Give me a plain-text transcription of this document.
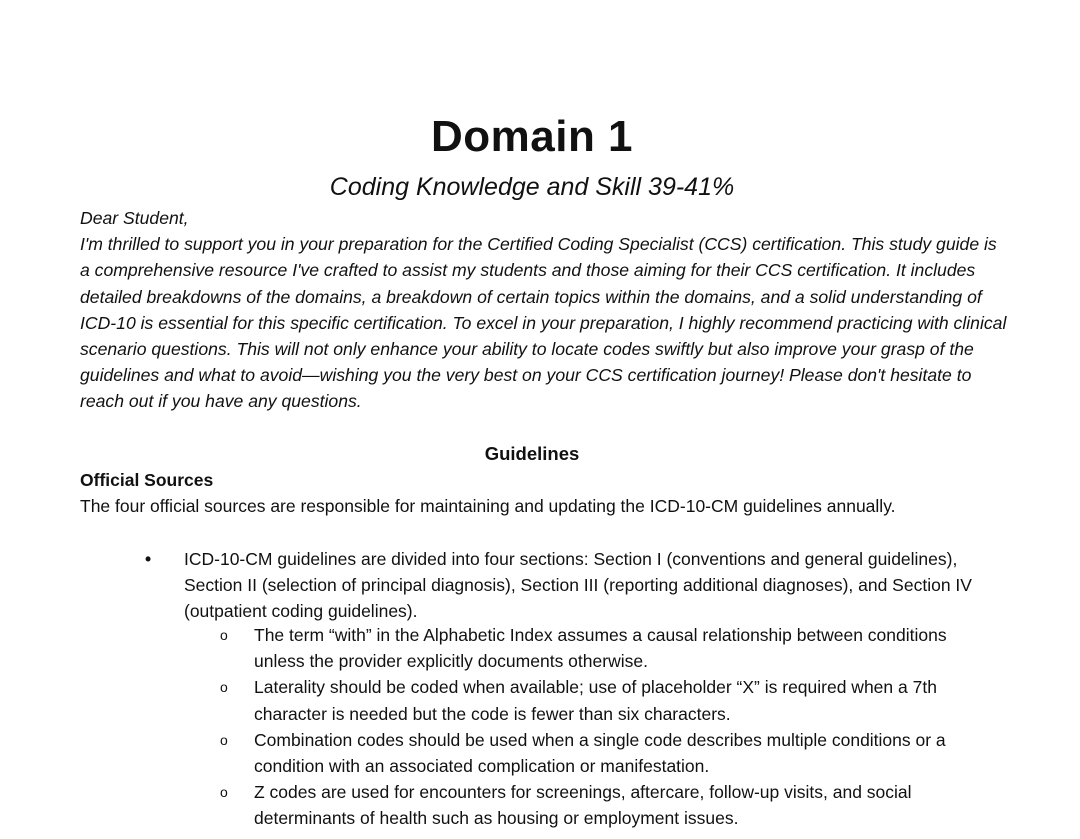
Domain 1
Coding Knowledge and Skill 39-41%

Dear Student,

I'm thrilled to support you in your preparation for the Certified Coding Specialist (CCS) certification. This study guide is a comprehensive resource I've crafted to assist my students and those aiming for their CCS certification. It includes detailed breakdowns of the domains, a breakdown of certain topics within the domains, and a solid understanding of ICD-10 is essential for this specific certification. To excel in your preparation, I highly recommend practicing with clinical scenario questions. This will not only enhance your ability to locate codes swiftly but also improve your grasp of the guidelines and what to avoid—wishing you the very best on your CCS certification journey! Please don't hesitate to reach out if you have any questions.

Guidelines
Official Sources
The four official sources are responsible for maintaining and updating the ICD-10-CM guidelines annually.
•	ICD-10-CM guidelines are divided into four sections: Section I (conventions and general guidelines), Section II (selection of principal diagnosis), Section III (reporting additional diagnoses), and Section IV (outpatient coding guidelines).
o	The term “with” in the Alphabetic Index assumes a causal relationship between conditions unless the provider explicitly documents otherwise.
o	Laterality should be coded when available; use of placeholder “X” is required when a 7th character is needed but the code is fewer than six characters.
o	Combination codes should be used when a single code describes multiple conditions or a condition with an associated complication or manifestation.
o	Z codes are used for encounters for screenings, aftercare, follow-up visits, and social determinants of health such as housing or employment issues.
